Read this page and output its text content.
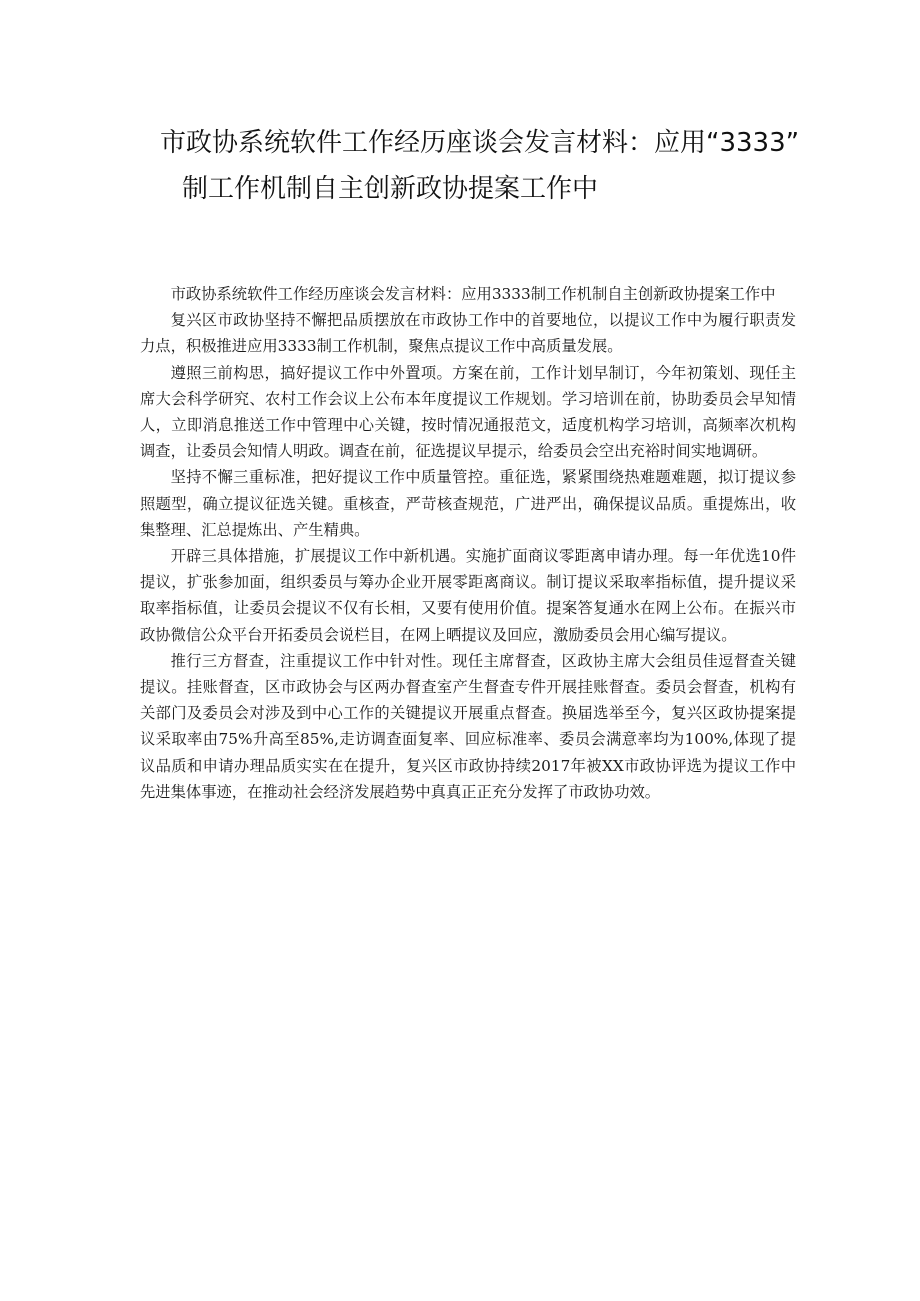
市政协系统软件工作经历座谈会发言材料：应用“3333”
制工作机制自主创新政协提案工作中

市政协系统软件工作经历座谈会发言材料：应用3333制工作机制自主创新政协提案工作中

复兴区市政协坚持不懈把品质摆放在市政协工作中的首要地位，以提议工作中为履行职责发力点，积极推进应用3333制工作机制，聚焦点提议工作中高质量发展。

遵照三前构思，搞好提议工作中外置项。方案在前，工作计划早制订，今年初策划、现任主席大会科学研究、农村工作会议上公布本年度提议工作规划。学习培训在前，协助委员会早知情人，立即消息推送工作中管理中心关键，按时情况通报范文，适度机构学习培训，高频率次机构调查，让委员会知情人明政。调查在前，征选提议早提示，给委员会空出充裕时间实地调研。

坚持不懈三重标准，把好提议工作中质量管控。重征选，紧紧围绕热难题难题，拟订提议参照题型，确立提议征选关键。重核查，严苛核查规范，广进严出，确保提议品质。重提炼出，收集整理、汇总提炼出、产生精典。

开辟三具体措施，扩展提议工作中新机遇。实施扩面商议零距离申请办理。每一年优选10件提议，扩张参加面，组织委员与筹办企业开展零距离商议。制订提议采取率指标值，提升提议采取率指标值，让委员会提议不仅有长相，又要有使用价值。提案答复通水在网上公布。在振兴市政协微信公众平台开拓委员会说栏目，在网上晒提议及回应，激励委员会用心编写提议。

推行三方督查，注重提议工作中针对性。现任主席督查，区政协主席大会组员佳逗督查关键提议。挂账督查，区市政协会与区两办督查室产生督查专件开展挂账督查。委员会督查，机构有关部门及委员会对涉及到中心工作的关键提议开展重点督查。换届选举至今，复兴区政协提案提议采取率由75%升高至85%,走访调查面复率、回应标准率、委员会满意率均为100%,体现了提议品质和申请办理品质实实在在提升，复兴区市政协持续2017年被XX市政协评选为提议工作中先进集体事迹，在推动社会经济发展趋势中真真正正充分发挥了市政协功效。
